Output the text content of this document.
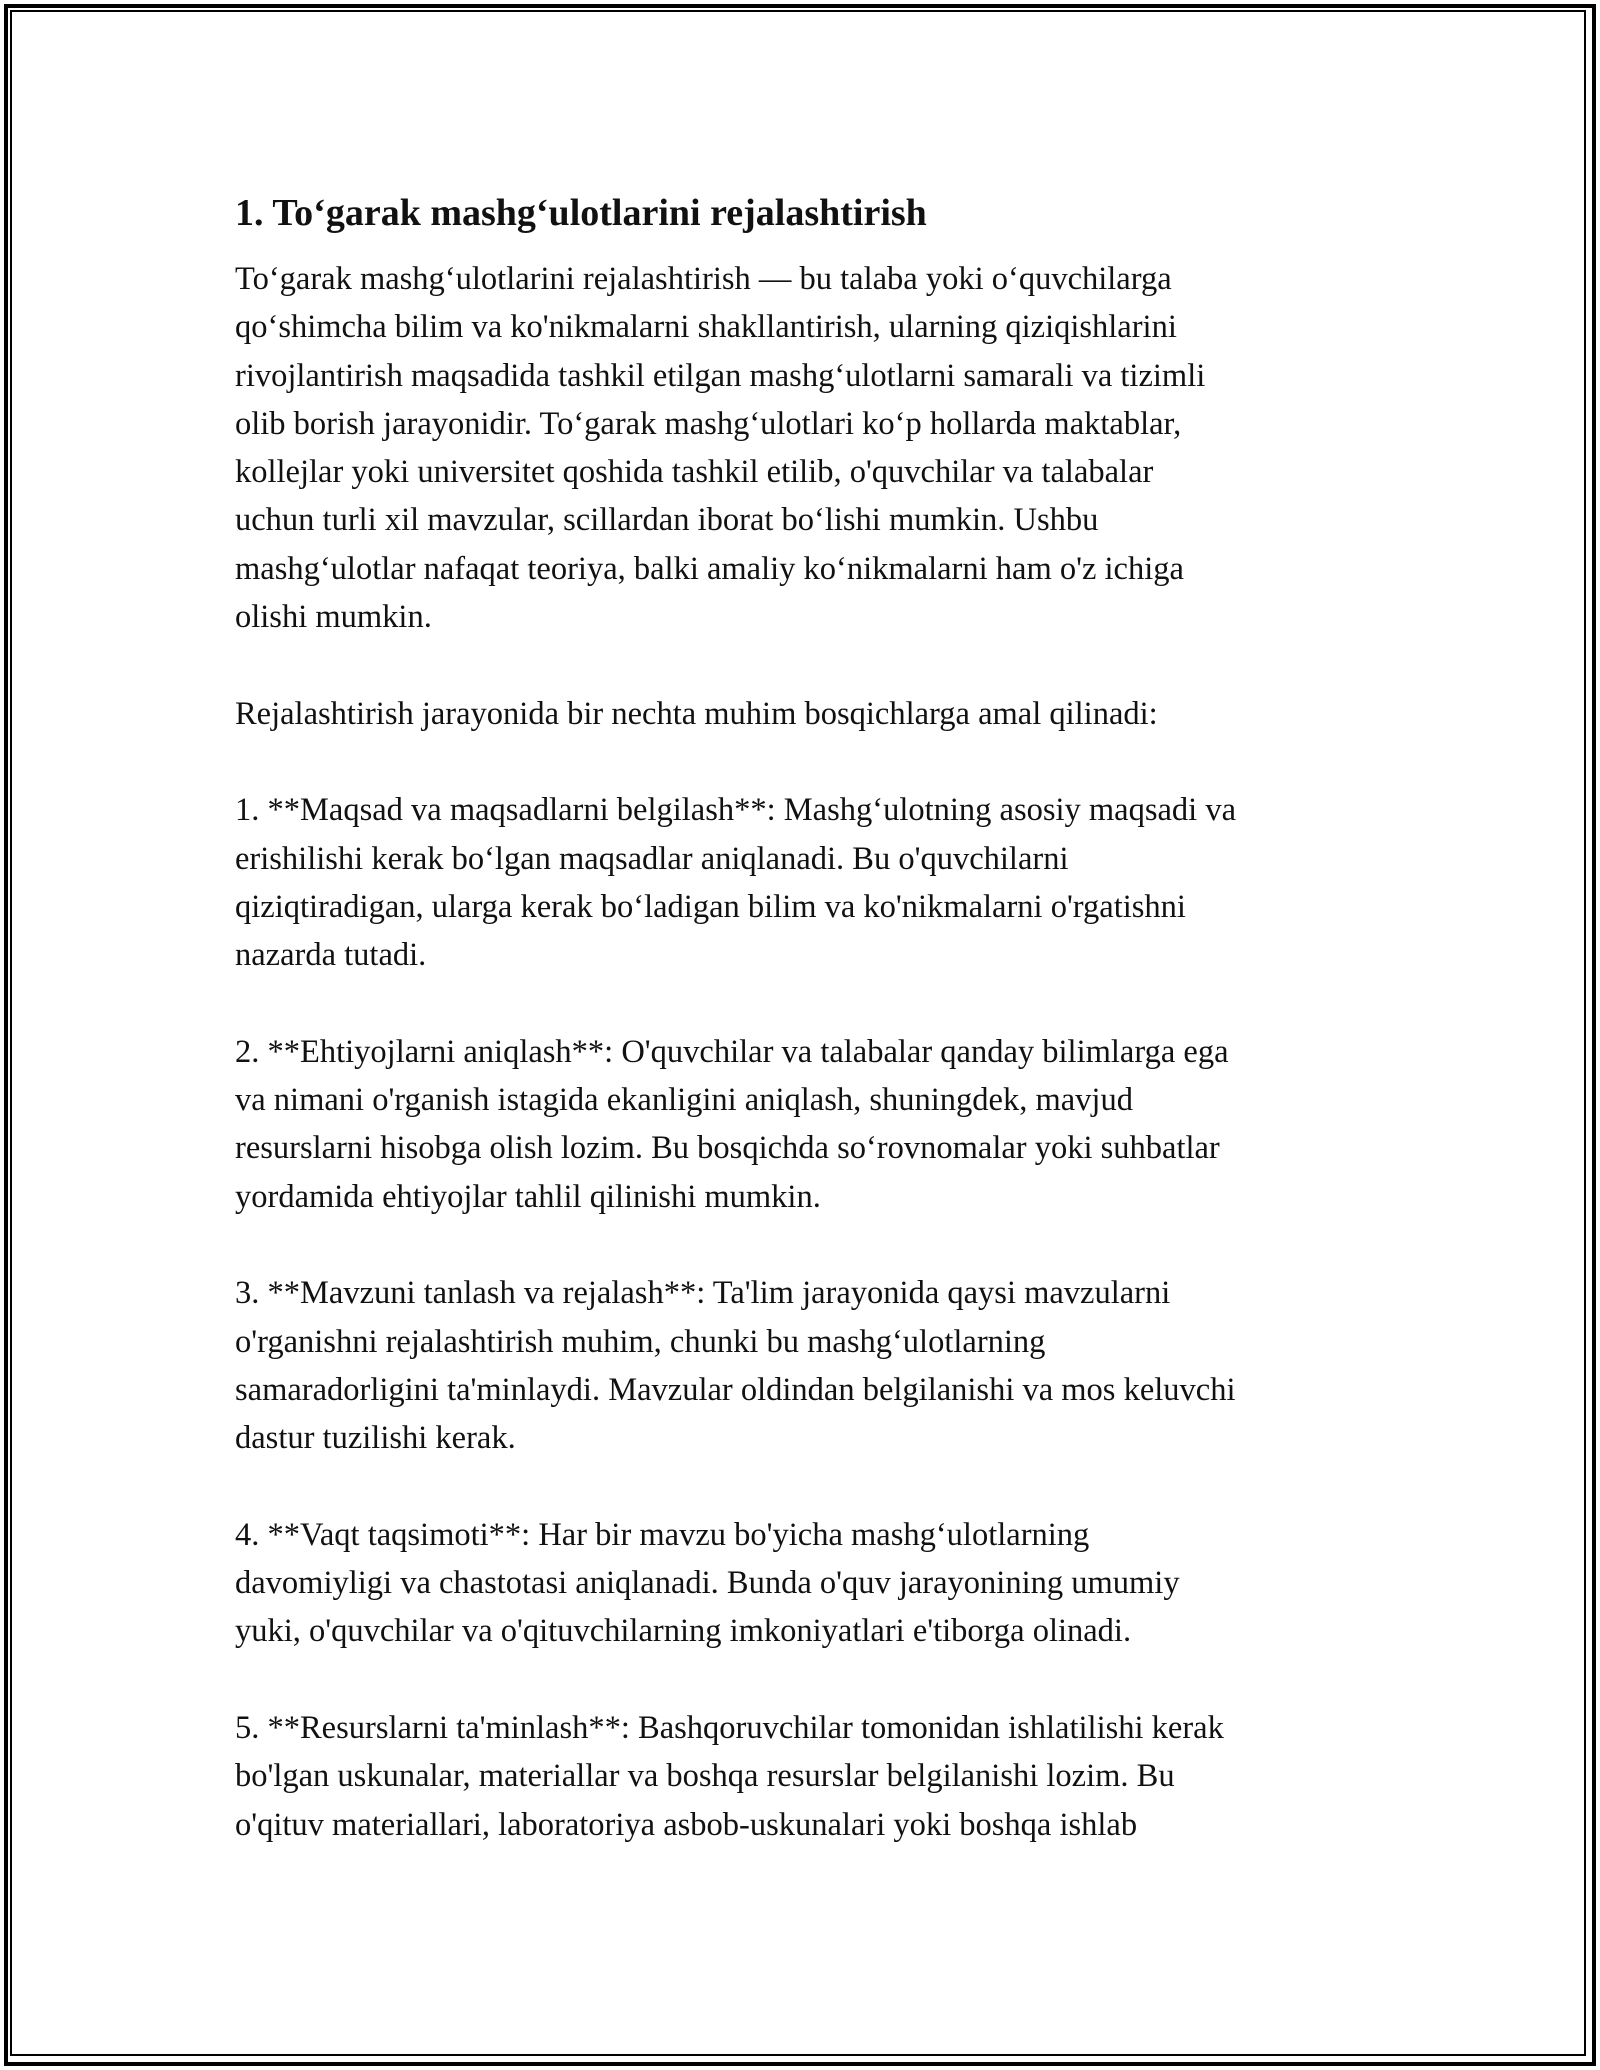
1. To‘garak mashg‘ulotlarini rejalashtirish

To‘garak mashg‘ulotlarini rejalashtirish — bu talaba yoki o‘quvchilarga
qo‘shimcha bilim va ko'nikmalarni shakllantirish, ularning qiziqishlarini
rivojlantirish maqsadida tashkil etilgan mashg‘ulotlarni samarali va tizimli
olib borish jarayonidir. To‘garak mashg‘ulotlari ko‘p hollarda maktablar,
kollejlar yoki universitet qoshida tashkil etilib, o'quvchilar va talabalar
uchun turli xil mavzular, scillardan iborat bo‘lishi mumkin. Ushbu
mashg‘ulotlar nafaqat teoriya, balki amaliy ko‘nikmalarni ham o'z ichiga
olishi mumkin.

Rejalashtirish jarayonida bir nechta muhim bosqichlarga amal qilinadi:

1. **Maqsad va maqsadlarni belgilash**: Mashg‘ulotning asosiy maqsadi va
erishilishi kerak bo‘lgan maqsadlar aniqlanadi. Bu o'quvchilarni
qiziqtiradigan, ularga kerak bo‘ladigan bilim va ko'nikmalarni o'rgatishni
nazarda tutadi.

2. **Ehtiyojlarni aniqlash**: O'quvchilar va talabalar qanday bilimlarga ega
va nimani o'rganish istagida ekanligini aniqlash, shuningdek, mavjud
resurslarni hisobga olish lozim. Bu bosqichda so‘rovnomalar yoki suhbatlar
yordamida ehtiyojlar tahlil qilinishi mumkin.

3. **Mavzuni tanlash va rejalash**: Ta'lim jarayonida qaysi mavzularni
o'rganishni rejalashtirish muhim, chunki bu mashg‘ulotlarning
samaradorligini ta'minlaydi. Mavzular oldindan belgilanishi va mos keluvchi
dastur tuzilishi kerak.

4. **Vaqt taqsimoti**: Har bir mavzu bo'yicha mashg‘ulotlarning
davomiyligi va chastotasi aniqlanadi. Bunda o'quv jarayonining umumiy
yuki, o'quvchilar va o'qituvchilarning imkoniyatlari e'tiborga olinadi.

5. **Resurslarni ta'minlash**: Bashqoruvchilar tomonidan ishlatilishi kerak
bo'lgan uskunalar, materiallar va boshqa resurslar belgilanishi lozim. Bu
o'qituv materiallari, laboratoriya asbob-uskunalari yoki boshqa ishlab
